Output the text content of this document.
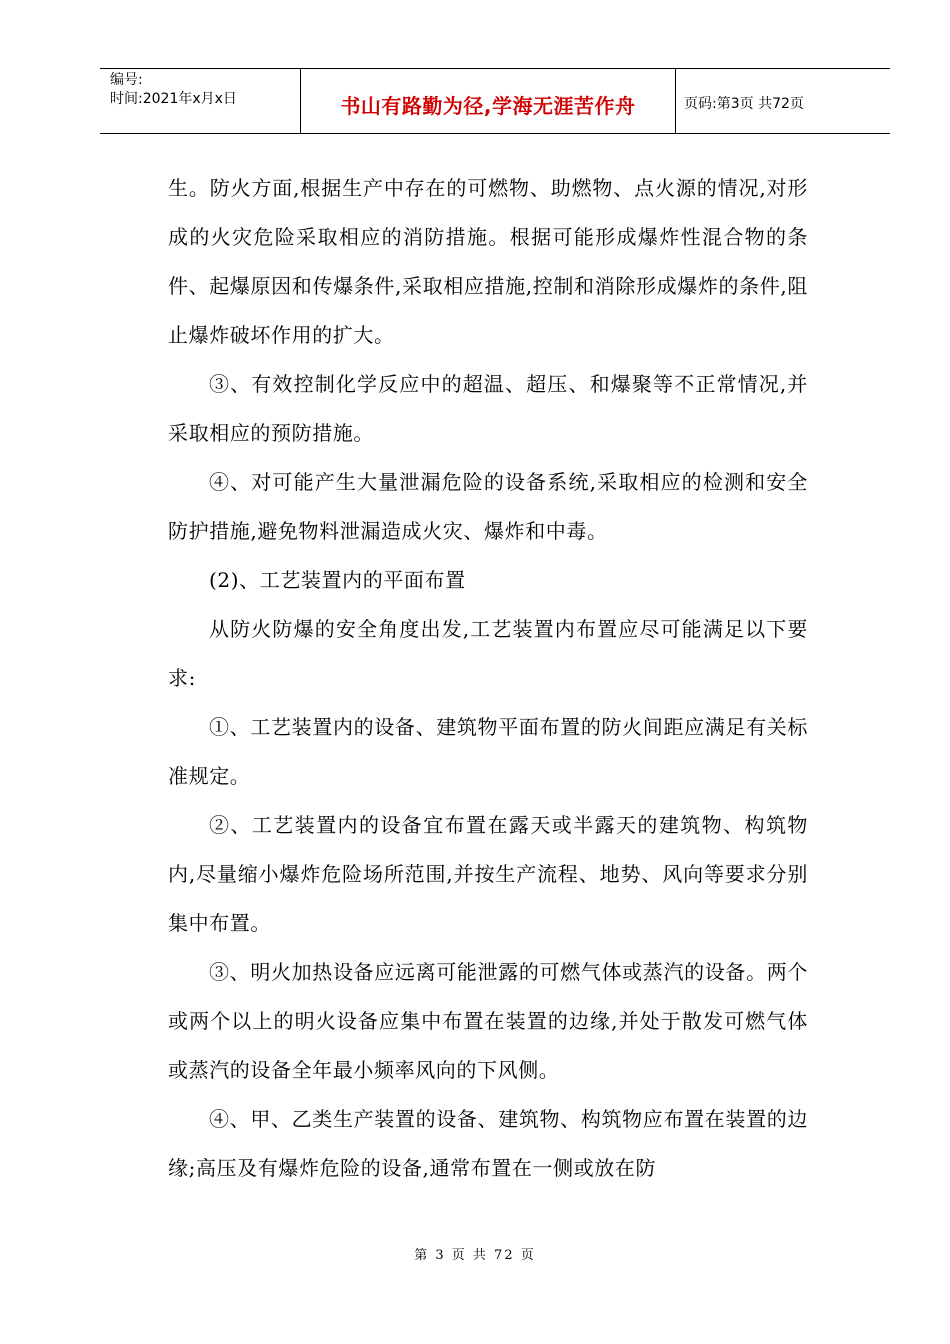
编号:
时间:2021年x月x日	书山有路勤为径,学海无涯苦作舟	页码:第3页 共72页

生。防火方面,根据生产中存在的可燃物、助燃物、点火源的情况,对形成的火灾危险采取相应的消防措施。根据可能形成爆炸性混合物的条件、起爆原因和传爆条件,采取相应措施,控制和消除形成爆炸的条件,阻止爆炸破坏作用的扩大。

③、有效控制化学反应中的超温、超压、和爆聚等不正常情况,并采取相应的预防措施。

④、对可能产生大量泄漏危险的设备系统,采取相应的检测和安全防护措施,避免物料泄漏造成火灾、爆炸和中毒。

(2)、工艺装置内的平面布置

从防火防爆的安全角度出发,工艺装置内布置应尽可能满足以下要求:

①、工艺装置内的设备、建筑物平面布置的防火间距应满足有关标准规定。

②、工艺装置内的设备宜布置在露天或半露天的建筑物、构筑物内,尽量缩小爆炸危险场所范围,并按生产流程、地势、风向等要求分别集中布置。

③、明火加热设备应远离可能泄露的可燃气体或蒸汽的设备。两个或两个以上的明火设备应集中布置在装置的边缘,并处于散发可燃气体或蒸汽的设备全年最小频率风向的下风侧。

④、甲、乙类生产装置的设备、建筑物、构筑物应布置在装置的边缘;高压及有爆炸危险的设备,通常布置在一侧或放在防

第 3 页 共 72 页
